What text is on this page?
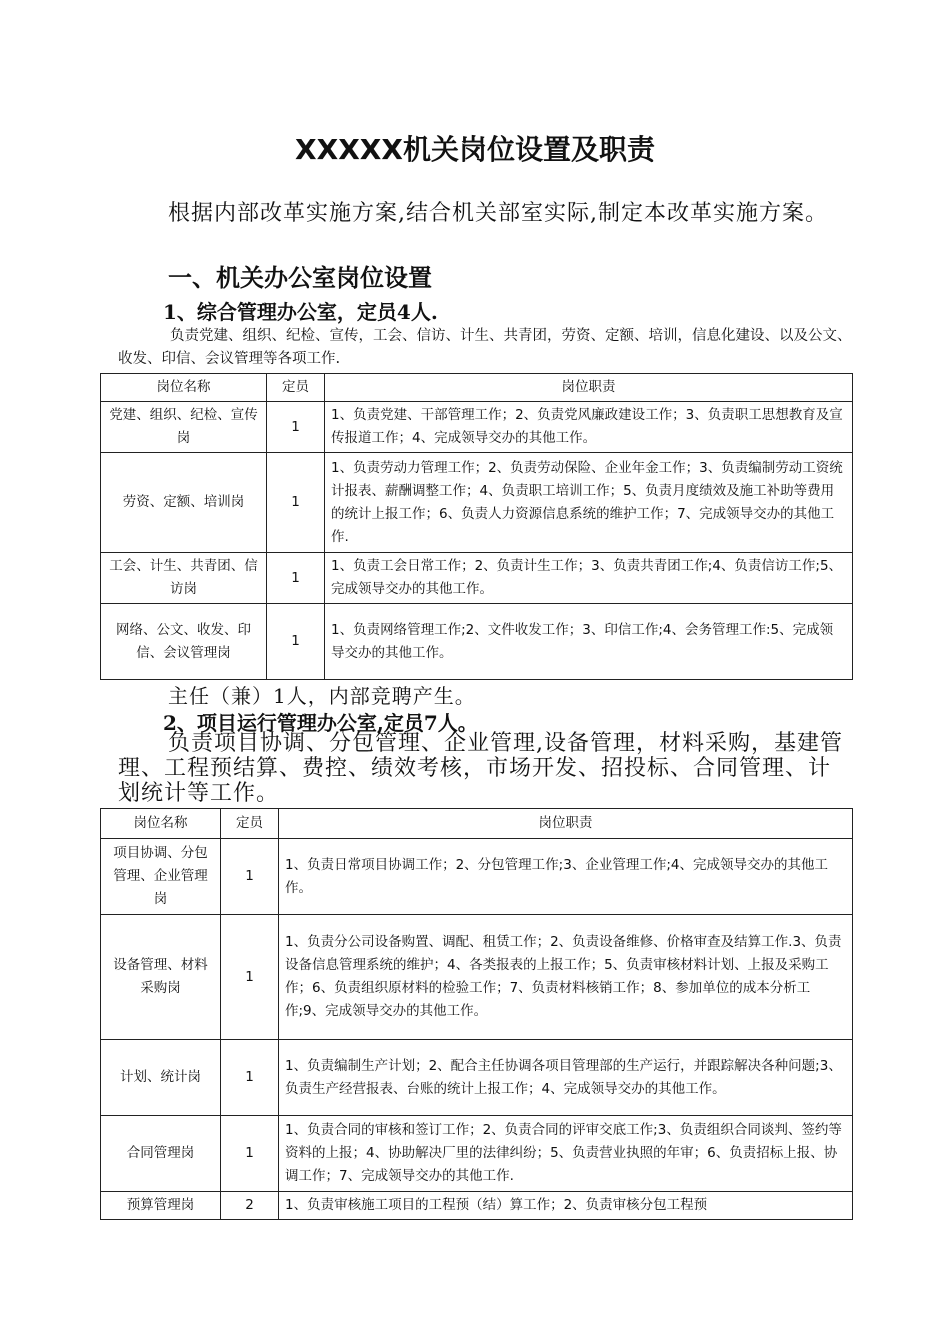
XXXXX机关岗位设置及职责
根据内部改革实施方案,结合机关部室实际,制定本改革实施方案。
一、机关办公室岗位设置
1、综合管理办公室，定员4人.
负责党建、组织、纪检、宣传，工会、信访、计生、共青团，劳资、定额、培训，信息化建设、以及公文、收发、印信、会议管理等各项工作.
岗位名称	定员	岗位职责
党建、组织、纪检、宣传岗	1	1、负责党建、干部管理工作；2、负责党风廉政建设工作；3、负责职工思想教育及宣传报道工作；4、完成领导交办的其他工作。
劳资、定额、培训岗	1	1、负责劳动力管理工作；2、负责劳动保险、企业年金工作；3、负责编制劳动工资统计报表、薪酬调整工作；4、负责职工培训工作；5、负责月度绩效及施工补助等费用的统计上报工作；6、负责人力资源信息系统的维护工作；7、完成领导交办的其他工作.
工会、计生、共青团、信访岗	1	1、负责工会日常工作；2、负责计生工作；3、负责共青团工作;4、负责信访工作;5、完成领导交办的其他工作。
网络、公文、收发、印信、会议管理岗	1	1、负责网络管理工作;2、文件收发工作；3、印信工作;4、会务管理工作:5、完成领导交办的其他工作。
主任（兼）1人，内部竞聘产生。
2、项目运行管理办公室,定员7人。
负责项目协调、分包管理、企业管理,设备管理，材料采购，基建管理、工程预结算、费控、绩效考核，市场开发、招投标、合同管理、计划统计等工作。
岗位名称	定员	岗位职责
项目协调、分包管理、企业管理岗	1	1、负责日常项目协调工作；2、分包管理工作;3、企业管理工作;4、完成领导交办的其他工作。
设备管理、材料采购岗	1	1、负责分公司设备购置、调配、租赁工作；2、负责设备维修、价格审查及结算工作.3、负责设备信息管理系统的维护；4、各类报表的上报工作；5、负责审核材料计划、上报及采购工作；6、负责组织原材料的检验工作；7、负责材料核销工作；8、参加单位的成本分析工作;9、完成领导交办的其他工作。
计划、统计岗	1	1、负责编制生产计划；2、配合主任协调各项目管理部的生产运行，并跟踪解决各种问题;3、负责生产经营报表、台账的统计上报工作；4、完成领导交办的其他工作。
合同管理岗	1	1、负责合同的审核和签订工作；2、负责合同的评审交底工作;3、负责组织合同谈判、签约等资料的上报；4、协助解决厂里的法律纠纷；5、负责营业执照的年审；6、负责招标上报、协调工作；7、完成领导交办的其他工作.
预算管理岗	2	1、负责审核施工项目的工程预（结）算工作；2、负责审核分包工程预
